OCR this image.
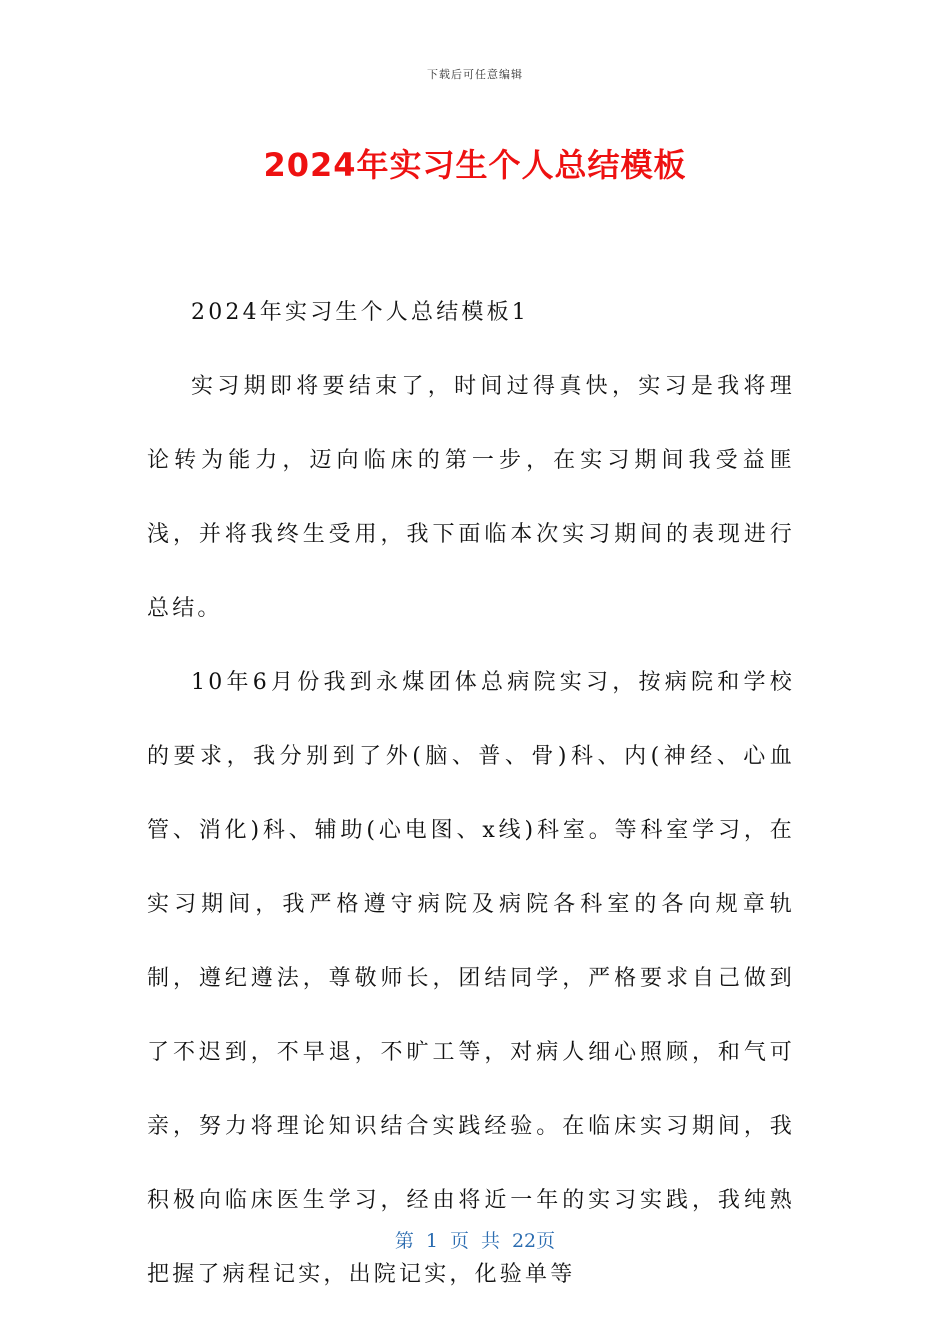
下载后可任意编辑
2024年实习生个人总结模板

2024年实习生个人总结模板1

实习期即将要结束了，时间过得真快，实习是我将理论转为能力，迈向临床的第一步，在实习期间我受益匪浅，并将我终生受用，我下面临本次实习期间的表现进行总结。

10年6月份我到永煤团体总病院实习，按病院和学校的要求，我分别到了外(脑、普、骨)科、内(神经、心血管、消化)科、辅助(心电图、x线)科室。等科室学习，在实习期间，我严格遵守病院及病院各科室的各向规章轨制，遵纪遵法，尊敬师长，团结同学，严格要求自己做到了不迟到，不早退，不旷工等，对病人细心照顾，和气可亲，努力将理论知识结合实践经验。在临床实习期间，我积极向临床医生学习，经由将近一年的实习实践，我纯熟把握了病程记实，出院记实，化验单等

第 1 页 共 22页
